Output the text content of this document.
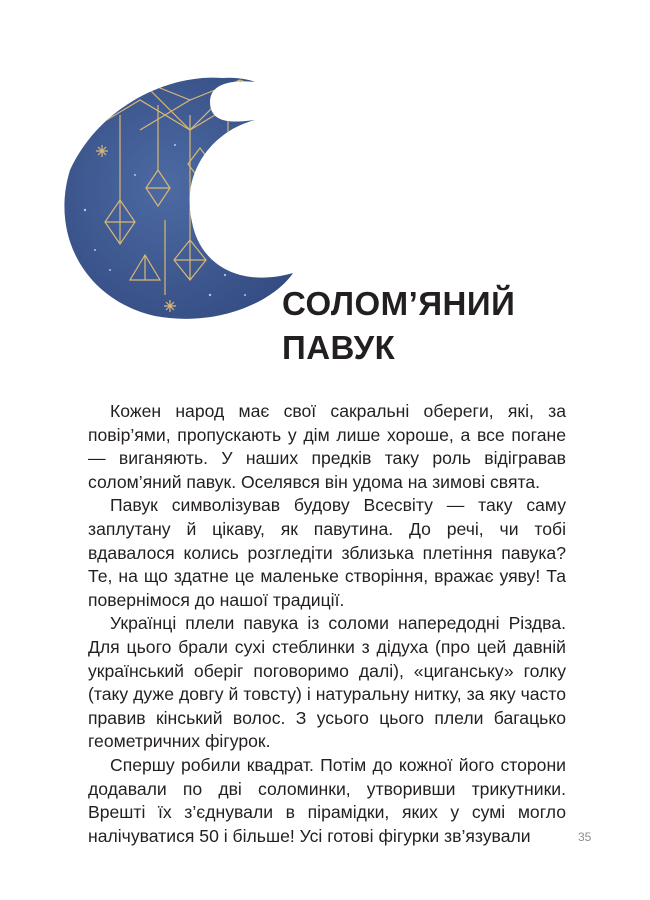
СОЛОМ’ЯНИЙ
ПАВУК

Кожен народ має свої сакральні обереги, які, за повір’ями, пропускають у дім лише хороше, а все погане — виганяють. У наших предків таку роль відігравав солом’яний павук. Оселявся він удома на зимові свята.

Павук символізував будову Всесвіту — таку саму заплутану й цікаву, як павутина. До речі, чи тобі вдавалося колись розгледіти зблизька плетіння павука? Те, на що здатне це маленьке створіння, вражає уяву! Та повернімося до нашої традиції.

Українці плели павука із соломи напередодні Різдва. Для цього брали сухі стеблинки з дідуха (про цей давній український оберіг поговоримо далі), «циганську» голку (таку дуже довгу й товсту) і натуральну нитку, за яку часто правив кінський волос. З усього цього плели багацько геометричних фігурок.

Спершу робили квадрат. Потім до кожної його сторони додавали по дві соломинки, утворивши трикутники. Врешті їх з’єднували в пірамідки, яких у сумі могло налічуватися 50 і більше! Усі готові фігурки зв’язували	35
